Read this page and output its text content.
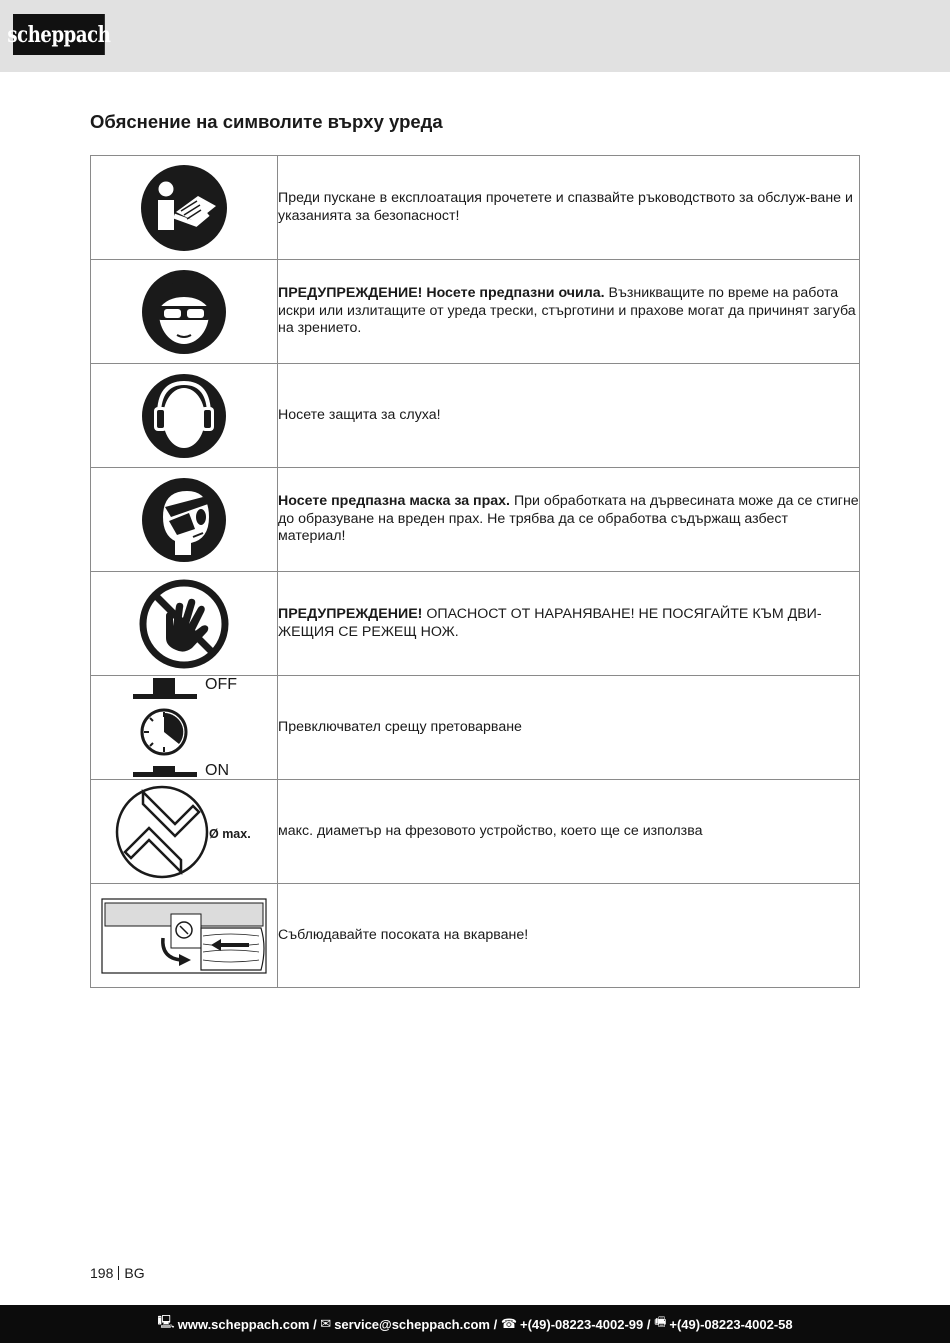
scheppach
Обяснение на символите върху уреда
	Преди пускане в експлоатация прочетете и спазвайте ръководството за обслуж-ване и указанията за безопасност!

	ПРЕДУПРЕЖДЕНИЕ! Носете предпазни очила. Възникващите по време на работа искри или излитащите от уреда трески, стърготини и прахове могат да причинят загуба на зрението.

	Носете защита за слуха!

	Носете предпазна маска за прах. При обработката на дървесината може да се стигне до образуване на вреден прах. Не трябва да се обработва съдържащ азбест материал!

	ПРЕДУПРЕЖДЕНИЕ! ОПАСНОСТ ОТ НАРАНЯВАНЕ! НЕ ПОСЯГАЙТЕ КЪМ ДВИ-ЖЕЩИЯ СЕ РЕЖЕЩ НОЖ.

OFF
ON	Превключвател срещу претоварване

Ø max.	макс. диаметър на фрезовото устройство, което ще се използва

	Съблюдавайте посоката на вкарване!
198 BG
🖳 www.scheppach.com / ✉ service@scheppach.com / ☎ +(49)-08223-4002-99 / 🖷 +(49)-08223-4002-58
